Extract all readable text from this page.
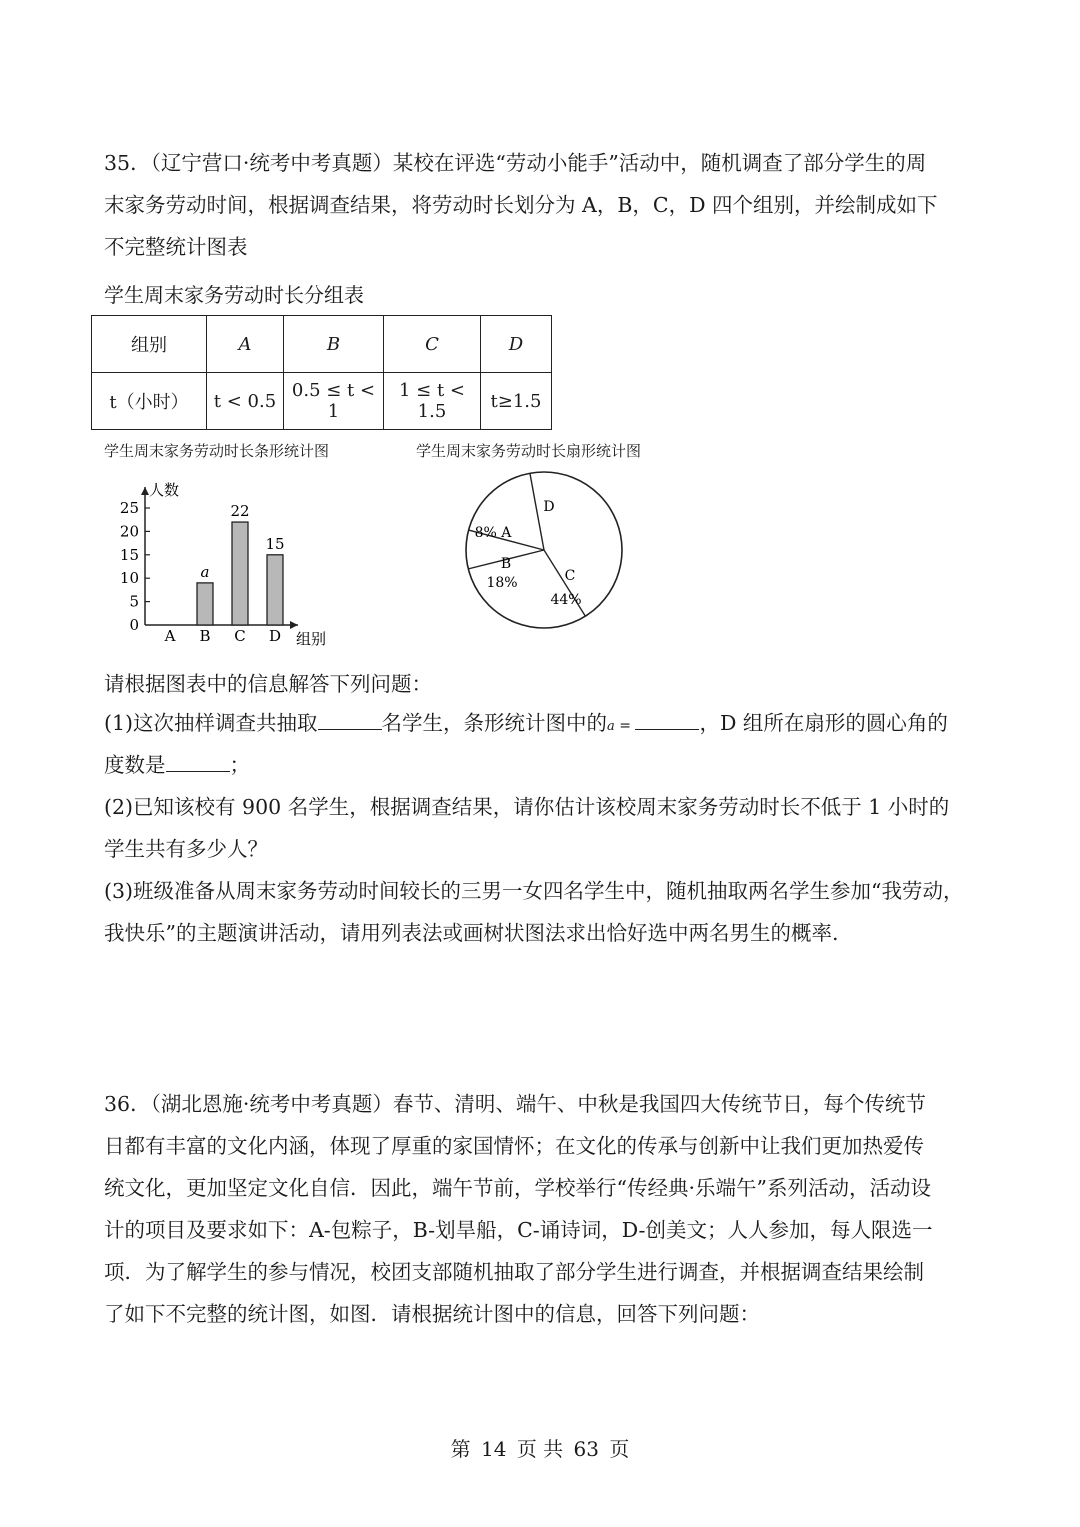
35．（辽宁营口·统考中考真题）某校在评选“劳动小能手”活动中，随机调查了部分学生的周
末家务劳动时间，根据调查结果，将劳动时长划分为 A，B，C，D 四个组别，并绘制成如下
不完整统计图表
学生周末家务劳动时长分组表
组别	A	B	C	D
t（小时）	t < 0.5	0.5 ≤ t < 1	1 ≤ t < 1.5	t≥1.5
学生周末家务劳动时长条形统计图	学生周末家务劳动时长扇形统计图
人数
组别
0
5
10
15
20
25
A B
a
C
22
D
15
8% A
B
18%	C
44%
D
请根据图表中的信息解答下列问题：
(1)这次抽样调查共抽取	名学生，条形统计图中的a =	，D 组所在扇形的圆心角的
度数是	；
(2)已知该校有 900 名学生，根据调查结果，请你估计该校周末家务劳动时长不低于 1 小时的
学生共有多少人？
(3)班级准备从周末家务劳动时间较长的三男一女四名学生中，随机抽取两名学生参加“我劳动，
我快乐”的主题演讲活动，请用列表法或画树状图法求出恰好选中两名男生的概率.
36．（湖北恩施·统考中考真题）春节、清明、端午、中秋是我国四大传统节日，每个传统节
日都有丰富的文化内涵，体现了厚重的家国情怀；在文化的传承与创新中让我们更加热爱传
统文化，更加坚定文化自信．因此，端午节前，学校举行“传经典·乐端午”系列活动，活动设
计的项目及要求如下：A-包粽子，B-划旱船，C-诵诗词，D-创美文；人人参加，每人限选一
项．为了解学生的参与情况，校团支部随机抽取了部分学生进行调查，并根据调查结果绘制
了如下不完整的统计图，如图．请根据统计图中的信息，回答下列问题：
第 14 页 共 63 页
